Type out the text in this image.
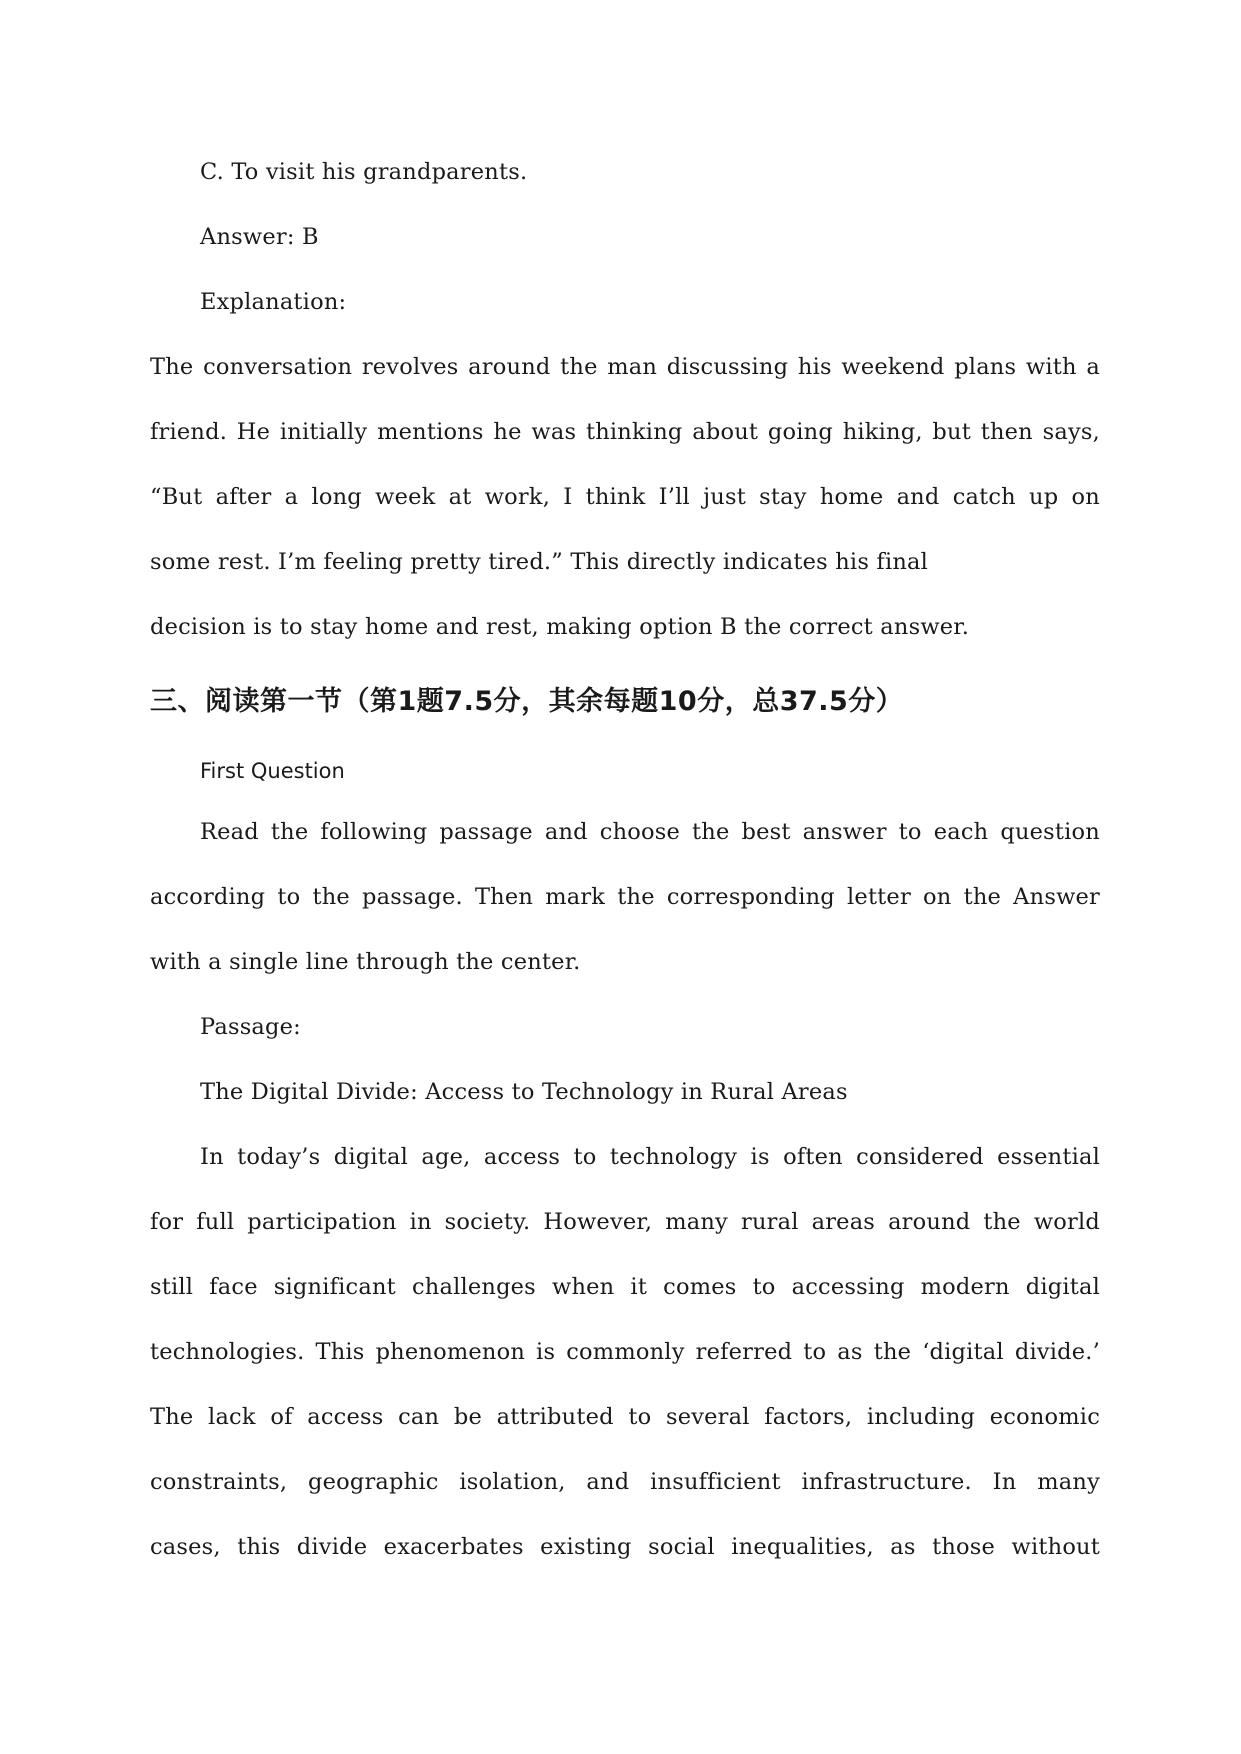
C. To visit his grandparents.
Answer: B
Explanation:
The conversation revolves around the man discussing his weekend plans with a
friend. He initially mentions he was thinking about going hiking, but then says,
“But after a long week at work, I think I’ll just stay home and catch up on
some rest. I’m feeling pretty tired.” This directly indicates his final
decision is to stay home and rest, making option B the correct answer.
三、阅读第一节（第1题7.5分，其余每题10分，总37.5分）
First Question
Read the following passage and choose the best answer to each question
according to the passage. Then mark the corresponding letter on the Answer
with a single line through the center.
Passage:
The Digital Divide: Access to Technology in Rural Areas
In today’s digital age, access to technology is often considered essential
for full participation in society. However, many rural areas around the world
still face significant challenges when it comes to accessing modern digital
technologies. This phenomenon is commonly referred to as the ‘digital divide.’
The lack of access can be attributed to several factors, including economic
constraints, geographic isolation, and insufficient infrastructure. In many
cases, this divide exacerbates existing social inequalities, as those without
